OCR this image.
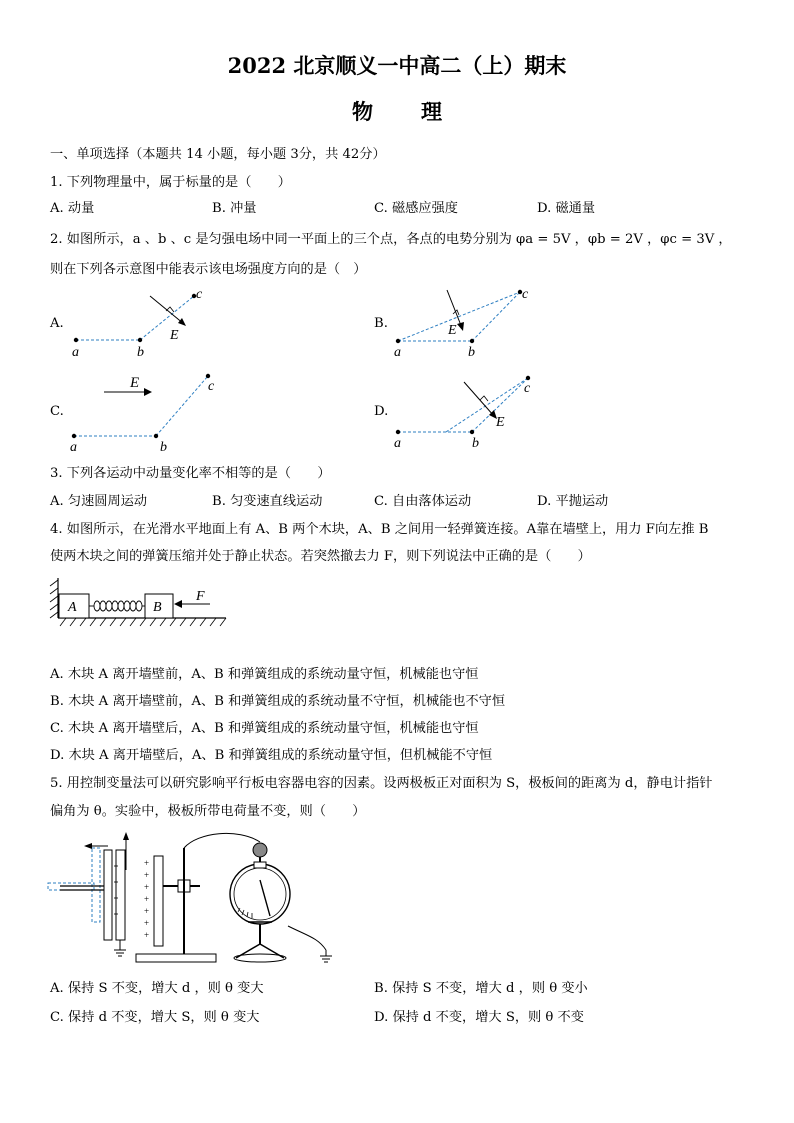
2022 北京顺义一中高二（上）期末
物理
一、单项选择（本题共 14 小题，每小题 3分，共 42分）
1. 下列物理量中，属于标量的是（　　）
A. 动量	B. 冲量	C. 磁感应强度	D. 磁通量
2. 如图所示，a 、b 、c 是匀强电场中同一平面上的三个点，各点的电势分别为 φa = 5V ，φb = 2V ，φc = 3V ，
则在下列各示意图中能表示该电场强度方向的是（　）
A.	B.
C.	D.
a	b
c
E
a	b
c
E
E
a	b
c
a	b
c
E
3. 下列各运动中动量变化率不相等的是（　　）
A. 匀速圆周运动	B. 匀变速直线运动	C. 自由落体运动	D. 平抛运动
4. 如图所示，在光滑水平地面上有 A、B 两个木块，A、B 之间用一轻弹簧连接。A靠在墙壁上，用力 F向左推 B
使两木块之间的弹簧压缩并处于静止状态。若突然撤去力 F，则下列说法中正确的是（　　）
A	B
F
A. 木块 A 离开墙壁前，A、B 和弹簧组成的系统动量守恒，机械能也守恒
B. 木块 A 离开墙壁前，A、B 和弹簧组成的系统动量不守恒，机械能也不守恒
C. 木块 A 离开墙壁后，A、B 和弹簧组成的系统动量守恒，机械能也守恒
D. 木块 A 离开墙壁后，A、B 和弹簧组成的系统动量守恒，但机械能不守恒
5. 用控制变量法可以研究影响平行板电容器电容的因素。设两极板正对面积为 S，极板间的距离为 d，静电计指针
偏角为 θ。实验中，极板所带电荷量不变，则（　　）
+
+
+
+
+
+
+
A. 保持 S 不变，增大 d ，则 θ 变大	B. 保持 S 不变，增大 d ，则 θ 变小
C. 保持 d 不变，增大 S，则 θ 变大	D. 保持 d 不变，增大 S，则 θ 不变
